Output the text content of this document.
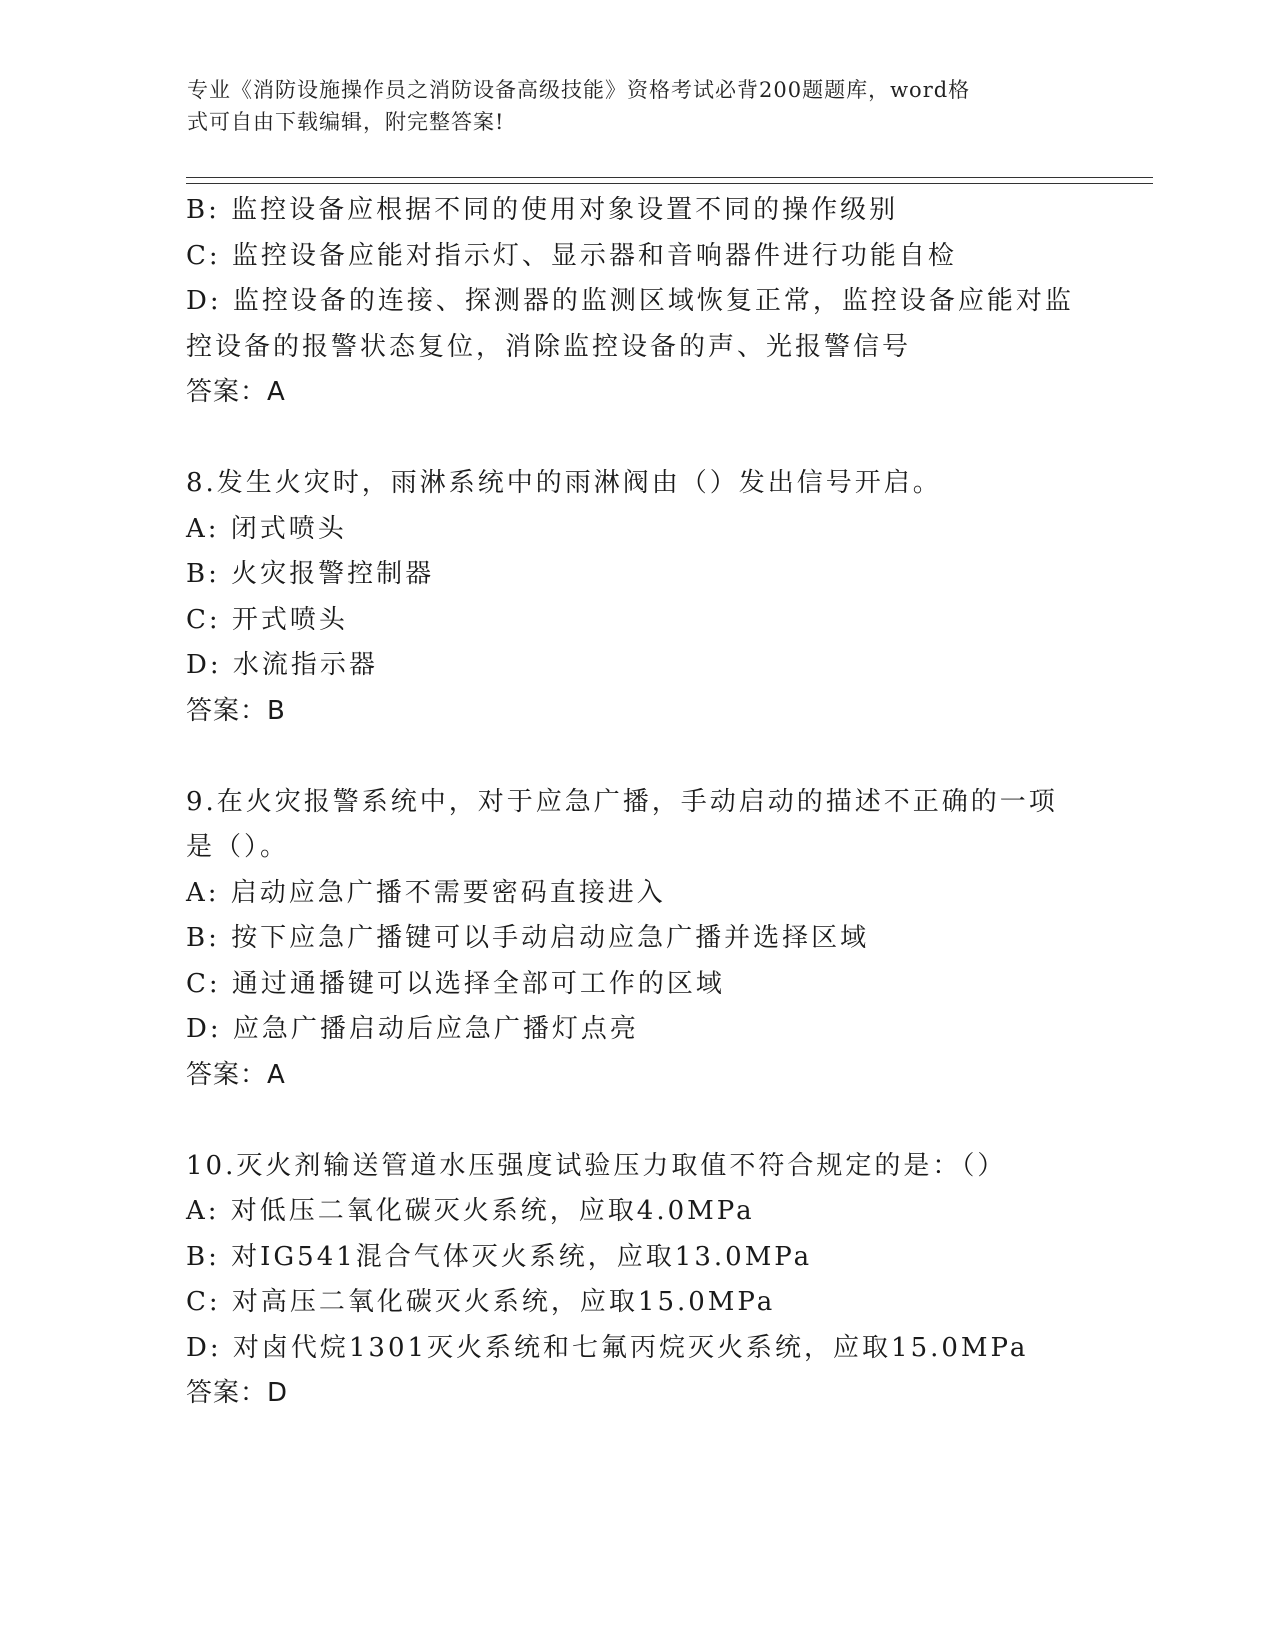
专业《消防设施操作员之消防设备高级技能》资格考试必背200题题库，word格
式可自由下载编辑，附完整答案!
B: 监控设备应根据不同的使用对象设置不同的操作级别
C: 监控设备应能对指示灯、显示器和音响器件进行功能自检
D: 监控设备的连接、探测器的监测区域恢复正常，监控设备应能对监
控设备的报警状态复位，消除监控设备的声、光报警信号
答案：A
8.发生火灾时，雨淋系统中的雨淋阀由（）发出信号开启。
A: 闭式喷头
B: 火灾报警控制器
C: 开式喷头
D: 水流指示器
答案：B
9.在火灾报警系统中，对于应急广播，手动启动的描述不正确的一项
是（）。
A: 启动应急广播不需要密码直接进入
B: 按下应急广播键可以手动启动应急广播并选择区域
C: 通过通播键可以选择全部可工作的区域
D: 应急广播启动后应急广播灯点亮
答案：A
10.灭火剂输送管道水压强度试验压力取值不符合规定的是：（）
A: 对低压二氧化碳灭火系统，应取4.0MPa
B: 对IG541混合气体灭火系统，应取13.0MPa
C: 对高压二氧化碳灭火系统，应取15.0MPa
D: 对卤代烷1301灭火系统和七氟丙烷灭火系统，应取15.0MPa
答案：D
